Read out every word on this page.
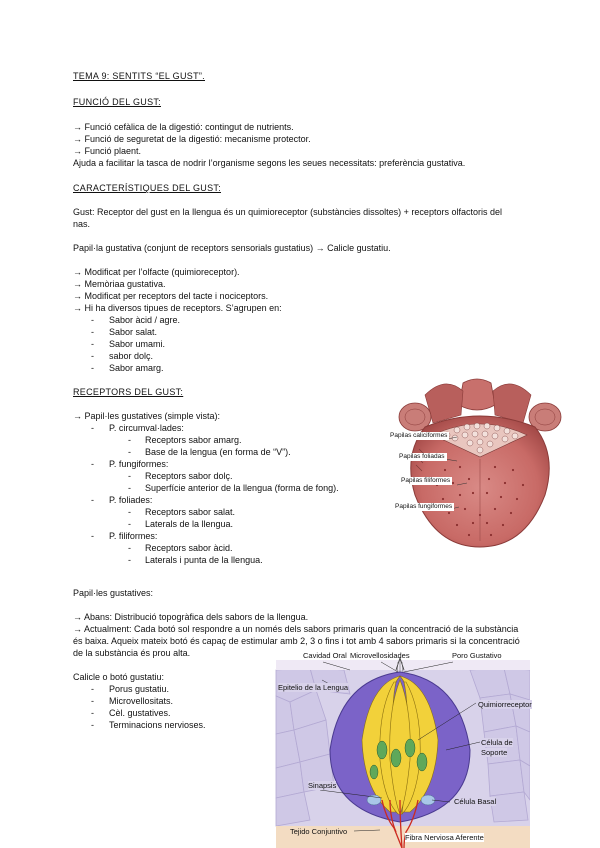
TEMA 9: SENTITS “EL GUST”.
FUNCIÓ DEL GUST:
→ Funció cefàlica de la digestió: contingut de nutrients.
→ Funció de seguretat de la digestió: mecanisme protector.
→ Funció plaent.
Ajuda a facilitar la tasca de nodrir l’organisme segons les seues necessitats: preferència gustativa.
CARACTERÍSTIQUES DEL GUST:
Gust: Receptor del gust en la llengua és un quimioreceptor (substàncies dissoltes) + receptors olfactoris del
nas.
Papil·la gustativa (conjunt de receptors sensorials gustatius) → Calicle gustatiu.
→ Modificat per l’olfacte (quimioreceptor).
→ Memòriaa gustativa.
→ Modificat per receptors del tacte i nociceptors.
→ Hi ha diversos tipues de receptors. S’agrupen en:
- Sabor àcid / agre.
- Sabor salat.
- Sabor umami.
- sabor dolç.
- Sabor amarg.
RECEPTORS DEL GUST:
→ Papil·les gustatives (simple vista):
- P. circumval·lades:
- Receptors sabor amarg.
- Base de la lengua (en forma de “V”).
- P. fungiformes:
- Receptors sabor dolç.
- Superfície anterior de la llengua (forma de fong).
- P. foliades:
- Receptors sabor salat.
- Laterals de la llengua.
- P. filiformes:
- Receptors sabor àcid.
- Laterals i punta de la llengua.
Papilas caliciformes
Papilas foliadas
Papilas filiformes
Papilas fungiformes
Papil·les gustatives:
→ Abans: Distribució topogràfica dels sabors de la llengua.
→ Actualment: Cada botó sol respondre a un només dels sabors primaris quan la concentració de la substància
és baixa. Aqueix mateix botó és capaç de estimular amb 2, 3 o fins i tot amb 4 sabors primaris si la concentració
de la substància és prou alta.
Calicle o botó gustatiu:
- Porus gustatiu.
- Microvellositats.
- Cèl. gustatives.
- Terminacions nervioses.
Cavidad Oral Microvellosidades	Poro Gustativo
Epitelio de la Lengua
Quimiorreceptor
Célula de
Soporte
Sinapsis
Célula Basal
Tejido Conjuntivo
Fibra Nerviosa Aferente
